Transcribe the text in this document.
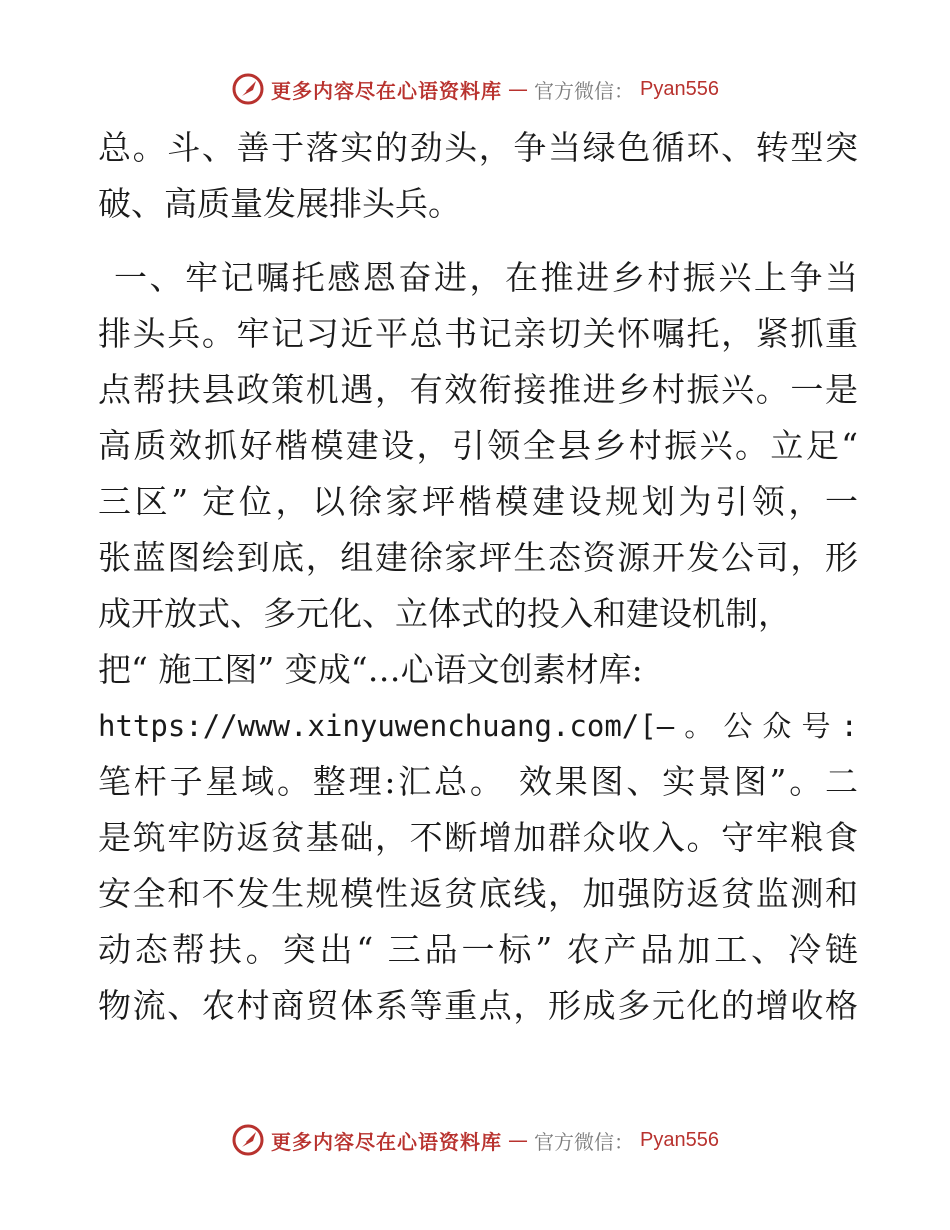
更多内容尽在心语资料库 — 官方微信： Pyan556
总。斗、善于落实的劲头，争当绿色循环、转型突
破、高质量发展排头兵。
一、牢记嘱托感恩奋进，在推进乡村振兴上争当
排头兵。牢记习近平总书记亲切关怀嘱托，紧抓重
点帮扶县政策机遇，有效衔接推进乡村振兴。一是
高质效抓好楷模建设，引领全县乡村振兴。立足“
三区” 定位，以徐家坪楷模建设规划为引领，一
张蓝图绘到底，组建徐家坪生态资源开发公司，形
成开放式、多元化、立体式的投入和建设机制，
把“ 施工图” 变成“…心语文创素材库:
https://www.xinyuwenchuang.com/[—。公众号:
笔杆子星域。整理:汇总。 效果图、实景图”。二
是筑牢防返贫基础，不断增加群众收入。守牢粮食
安全和不发生规模性返贫底线，加强防返贫监测和
动态帮扶。突出“ 三品一标” 农产品加工、冷链
物流、农村商贸体系等重点，形成多元化的增收格
更多内容尽在心语资料库 — 官方微信： Pyan556
